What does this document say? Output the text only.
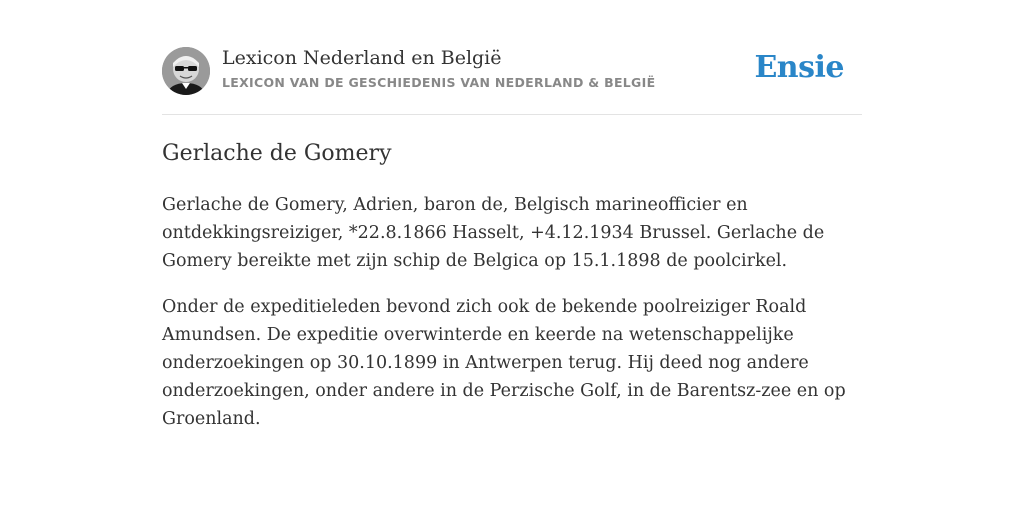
Lexicon Nederland en België
LEXICON VAN DE GESCHIEDENIS VAN NEDERLAND & BELGIË	Ensie
Gerlache de Gomery

Gerlache de Gomery, Adrien, baron de, Belgisch marineofficier en ontdekkingsreiziger, *22.8.1866 Hasselt, +4.12.1934 Brussel. Gerlache de Gomery bereikte met zijn schip de Belgica op 15.1.1898 de poolcirkel.

Onder de expeditieleden bevond zich ook de bekende poolreiziger Roald Amundsen. De expeditie overwinterde en keerde na wetenschappelijke onderzoekingen op 30.10.1899 in Antwerpen terug. Hij deed nog andere onderzoekingen, onder andere in de Perzische Golf, in de Barentsz-zee en op Groenland.
